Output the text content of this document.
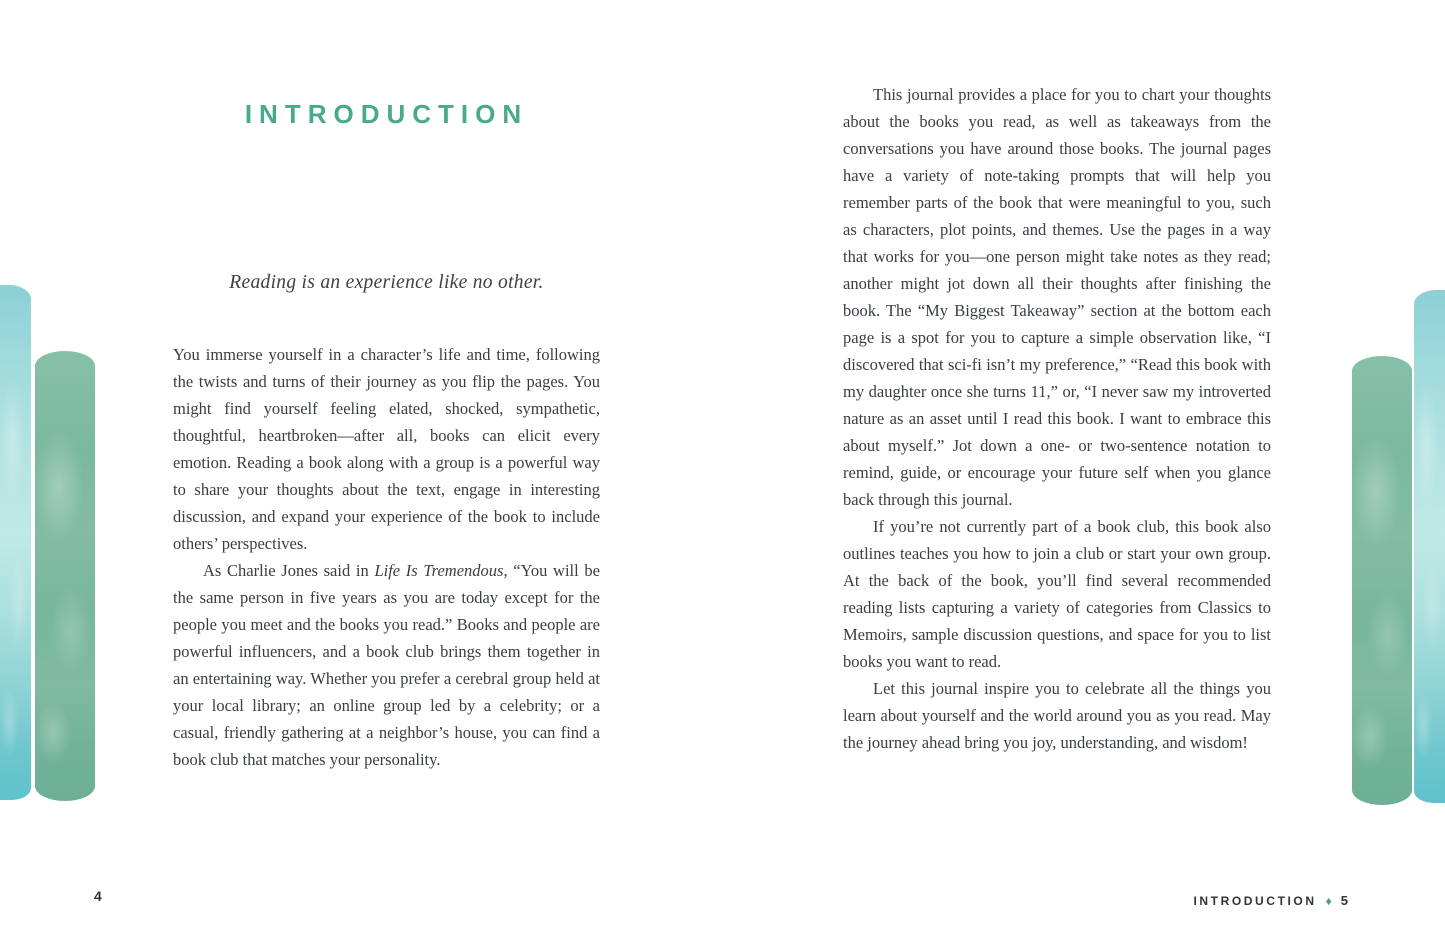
INTRODUCTION

Reading is an experience like no other.

You immerse yourself in a character’s life and time, following the twists and turns of their journey as you flip the pages. You might find yourself feeling elated, shocked, sympathetic, thoughtful, heartbroken—after all, books can elicit every emotion. Reading a book along with a group is a powerful way to share your thoughts about the text, engage in interesting discussion, and expand your experience of the book to include others’ perspectives.

As Charlie Jones said in Life Is Tremendous, “You will be the same person in five years as you are today except for the people you meet and the books you read.” Books and people are powerful influencers, and a book club brings them together in an entertaining way. Whether you prefer a cerebral group held at your local library; an online group led by a celebrity; or a casual, friendly gathering at a neighbor’s house, you can find a book club that matches your personality.

4

This journal provides a place for you to chart your thoughts about the books you read, as well as takeaways from the conversations you have around those books. The journal pages have a variety of note-taking prompts that will help you remember parts of the book that were meaningful to you, such as characters, plot points, and themes. Use the pages in a way that works for you—one person might take notes as they read; another might jot down all their thoughts after finishing the book. The “My Biggest Takeaway” section at the bottom each page is a spot for you to capture a simple observation like, “I discovered that sci-fi isn’t my preference,” “Read this book with my daughter once she turns 11,” or, “I never saw my introverted nature as an asset until I read this book. I want to embrace this about myself.” Jot down a one- or two-sentence notation to remind, guide, or encourage your future self when you glance back through this journal.

If you’re not currently part of a book club, this book also outlines teaches you how to join a club or start your own group. At the back of the book, you’ll find several recommended reading lists capturing a variety of categories from Classics to Memoirs, sample discussion questions, and space for you to list books you want to read.

Let this journal inspire you to celebrate all the things you learn about yourself and the world around you as you read. May the journey ahead bring you joy, understanding, and wisdom!

INTRODUCTION ♦ 5
